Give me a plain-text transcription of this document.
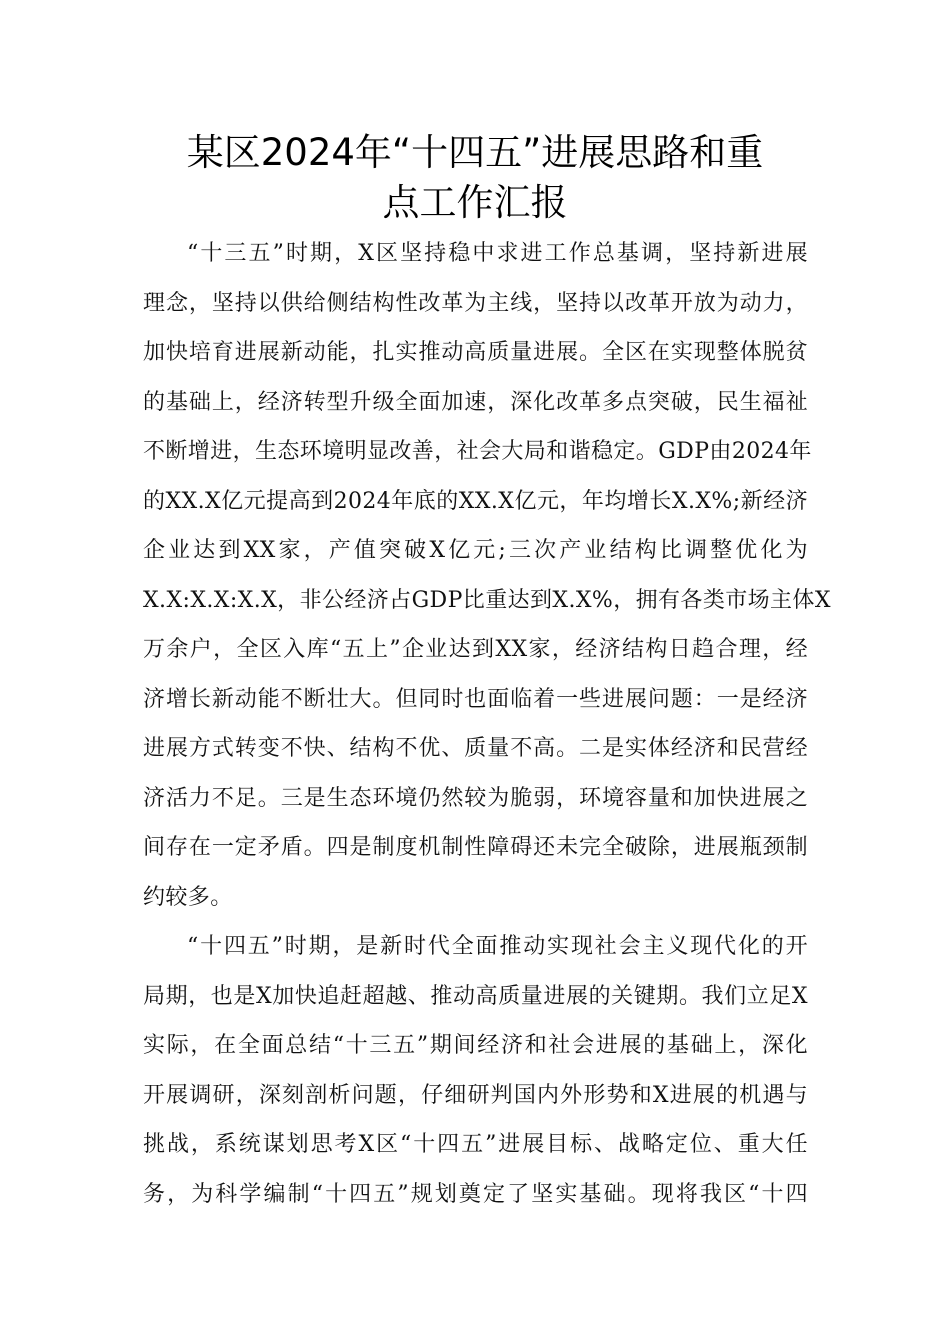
某区2024年“十四五”进展思路和重
点工作汇报

“十三五”时期，X区坚持稳中求进工作总基调，坚持新进展
理念，坚持以供给侧结构性改革为主线，坚持以改革开放为动力，
加快培育进展新动能，扎实推动高质量进展。全区在实现整体脱贫
的基础上，经济转型升级全面加速，深化改革多点突破，民生福祉
不断增进，生态环境明显改善，社会大局和谐稳定。GDP由2024年
的XX.X亿元提高到2024年底的XX.X亿元，年均增长X.X%;新经济
企业达到XX家，产值突破X亿元;三次产业结构比调整优化为
X.X:X.X:X.X，非公经济占GDP比重达到X.X%，拥有各类市场主体X
万余户，全区入库“五上”企业达到XX家，经济结构日趋合理，经
济增长新动能不断壮大。但同时也面临着一些进展问题：一是经济
进展方式转变不快、结构不优、质量不高。二是实体经济和民营经
济活力不足。三是生态环境仍然较为脆弱，环境容量和加快进展之
间存在一定矛盾。四是制度机制性障碍还未完全破除，进展瓶颈制
约较多。

“十四五”时期，是新时代全面推动实现社会主义现代化的开
局期，也是X加快追赶超越、推动高质量进展的关键期。我们立足X
实际，在全面总结“十三五”期间经济和社会进展的基础上，深化
开展调研，深刻剖析问题，仔细研判国内外形势和X进展的机遇与
挑战，系统谋划思考X区“十四五”进展目标、战略定位、重大任
务，为科学编制“十四五”规划奠定了坚实基础。现将我区“十四
